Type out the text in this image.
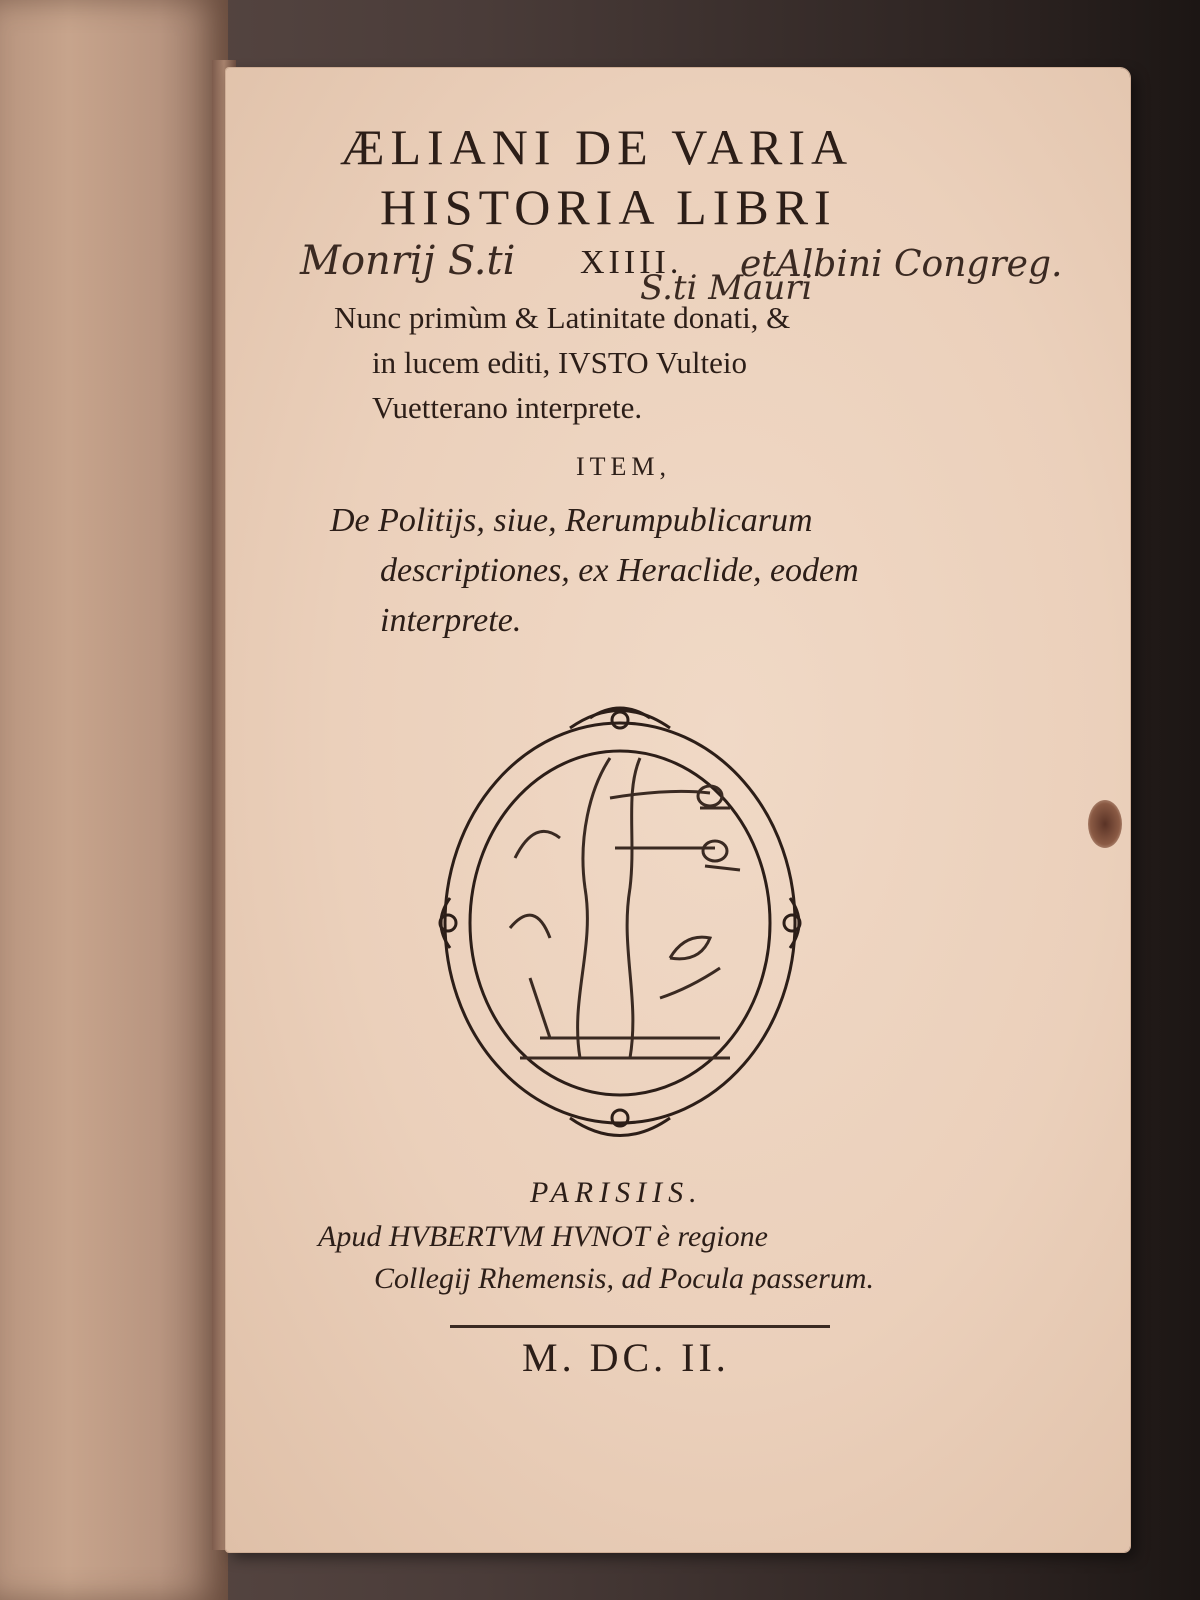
ÆLIANI DE VARIA
HISTORIA LIBRI
Monrij S.ti XIIII. etAlbini Congreg.
S.ti Mauri
Nunc primùm & Latinitate donati, &
in lucem editi, IVSTO Vulteio
Vuetterano interprete.
ITEM,
De Politijs, siue, Rerumpublicarum
descriptiones, ex Heraclide, eodem
interprete.
PARISIIS.
Apud HVBERTVM HVNOT è regione
Collegij Rhemensis, ad Pocula passerum.
M. DC. II.
